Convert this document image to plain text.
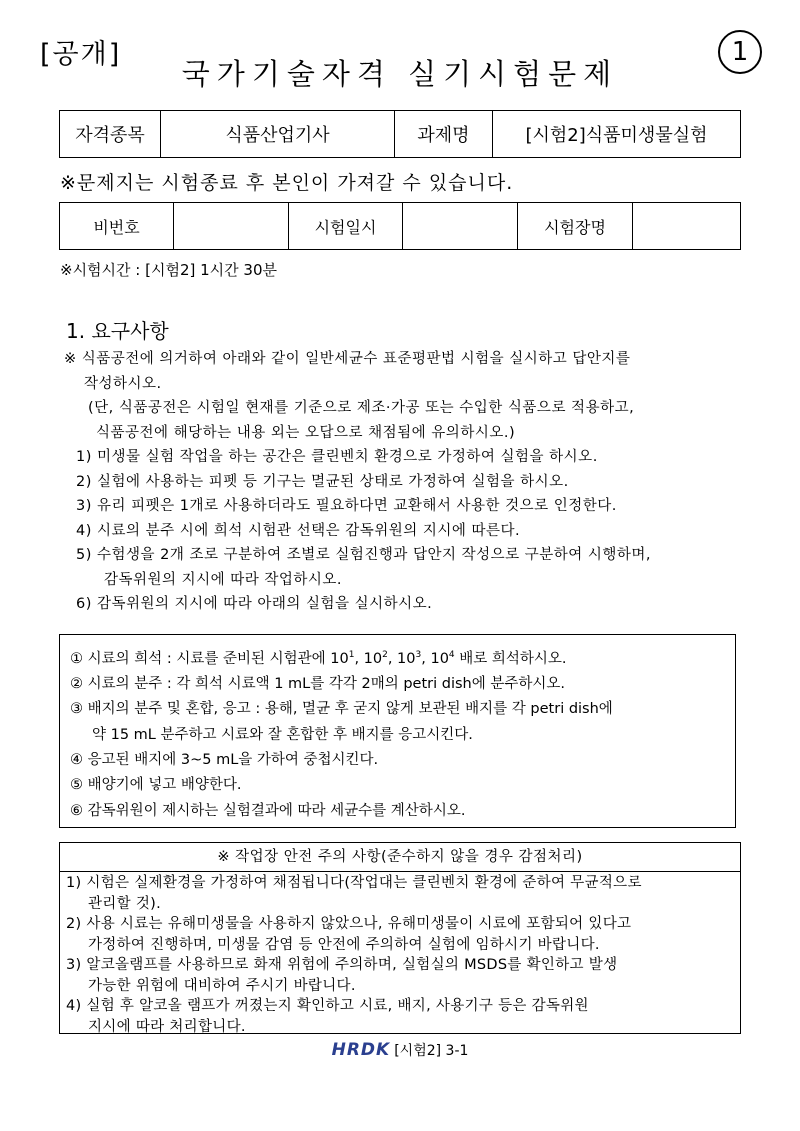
[공개]
국가기술자격 실기시험문제
1
자격종목	식품산업기사	과제명	[시험2]식품미생물실험
※문제지는 시험종료 후 본인이 가져갈 수 있습니다.
비번호		시험일시		시험장명	
※시험시간 : [시험2] 1시간 30분
1. 요구사항

※ 식품공전에 의거하여 아래와 같이 일반세균수 표준평판법 시험을 실시하고 답안지를

작성하시오.

(단, 식품공전은 시험일 현재를 기준으로 제조·가공 또는 수입한 식품으로 적용하고,

식품공전에 해당하는 내용 외는 오답으로 채점됨에 유의하시오.)

1) 미생물 실험 작업을 하는 공간은 클린벤치 환경으로 가정하여 실험을 하시오.

2) 실험에 사용하는 피펫 등 기구는 멸균된 상태로 가정하여 실험을 하시오.

3) 유리 피펫은 1개로 사용하더라도 필요하다면 교환해서 사용한 것으로 인정한다.

4) 시료의 분주 시에 희석 시험관 선택은 감독위원의 지시에 따른다.

5) 수험생을 2개 조로 구분하여 조별로 실험진행과 답안지 작성으로 구분하여 시행하며,

감독위원의 지시에 따라 작업하시오.

6) 감독위원의 지시에 따라 아래의 실험을 실시하시오.

① 시료의 희석 : 시료를 준비된 시험관에 $10^1$, $10^2$, $10^3$, $10^4$ 배로 희석하시오.

② 시료의 분주 : 각 희석 시료액 1 mL를 각각 2매의 petri dish에 분주하시오.

③ 배지의 분주 및 혼합, 응고 : 용해, 멸균 후 굳지 않게 보관된 배지를 각 petri dish에

약 15 mL 분주하고 시료와 잘 혼합한 후 배지를 응고시킨다.

④ 응고된 배지에 3~5 mL을 가하여 중첩시킨다.

⑤ 배양기에 넣고 배양한다.

⑥ 감독위원이 제시하는 실험결과에 따라 세균수를 계산하시오.

※ 작업장 안전 주의 사항(준수하지 않을 경우 감점처리)

1) 시험은 실제환경을 가정하여 채점됩니다(작업대는 클린벤치 환경에 준하여 무균적으로

관리할 것).

2) 사용 시료는 유해미생물을 사용하지 않았으나, 유해미생물이 시료에 포함되어 있다고

가정하여 진행하며, 미생물 감염 등 안전에 주의하여 실험에 임하시기 바랍니다.

3) 알코올램프를 사용하므로 화재 위험에 주의하며, 실험실의 MSDS를 확인하고 발생

가능한 위험에 대비하여 주시기 바랍니다.

4) 실험 후 알코올 램프가 꺼졌는지 확인하고 시료, 배지, 사용기구 등은 감독위원

지시에 따라 처리합니다.

HRDK [시험2] 3-1
